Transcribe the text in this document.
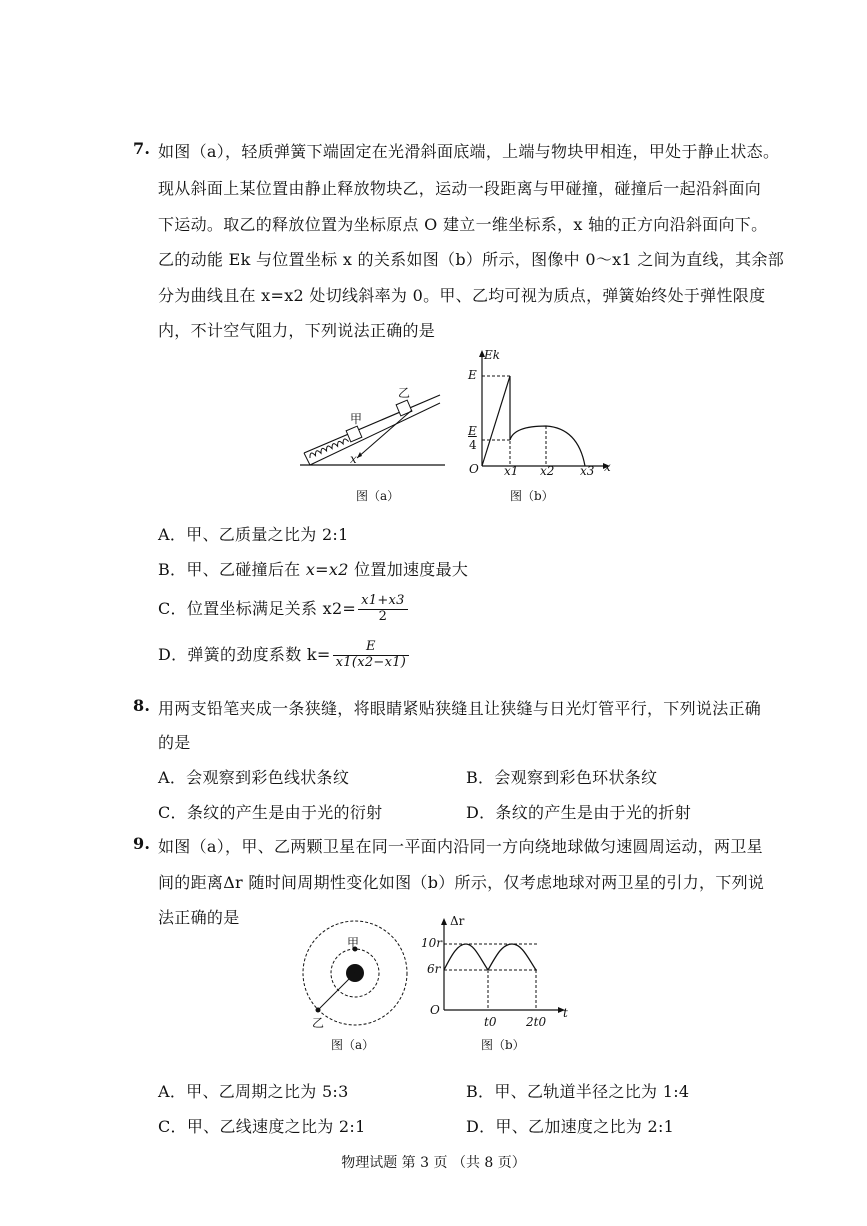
7. 如图（a），轻质弹簧下端固定在光滑斜面底端，上端与物块甲相连，甲处于静止状态。
现从斜面上某位置由静止释放物块乙，运动一段距离与甲碰撞，碰撞后一起沿斜面向
下运动。取乙的释放位置为坐标原点 O 建立一维坐标系，x 轴的正方向沿斜面向下。
乙的动能 Ek 与位置坐标 x 的关系如图（b）所示，图像中 0～x1 之间为直线，其余部
分为曲线且在 x=x2 处切线斜率为 0。甲、乙均可视为质点，弹簧始终处于弹性限度
内，不计空气阻力，下列说法正确的是
甲
乙
x
图（a）
Ek
E
E
4
O x1 x2 x3 x
图（b）
A．甲、乙质量之比为 2:1
B．甲、乙碰撞后在 x=x2 位置加速度最大
C．位置坐标满足关系 $x2= \frac{x1+x3}{2}$
D．弹簧的劲度系数 $k= \frac{E}{x1(x2-x1)}$
8. 用两支铅笔夹成一条狭缝，将眼睛紧贴狭缝且让狭缝与日光灯管平行，下列说法正确
的是
A．会观察到彩色线状条纹	B．会观察到彩色环状条纹
C．条纹的产生是由于光的衍射	D．条纹的产生是由于光的折射
9. 如图（a），甲、乙两颗卫星在同一平面内沿同一方向绕地球做匀速圆周运动，两卫星
间的距离Δr 随时间周期性变化如图（b）所示，仅考虑地球对两卫星的引力，下列说
法正确的是
甲
乙
图（a）
Δr
10r
6r
O
t0 2t0
t
图（b）
A．甲、乙周期之比为 5:3	B．甲、乙轨道半径之比为 1:4
C．甲、乙线速度之比为 2:1	D．甲、乙加速度之比为 2:1
物理试题 第 3 页 （共 8 页）
